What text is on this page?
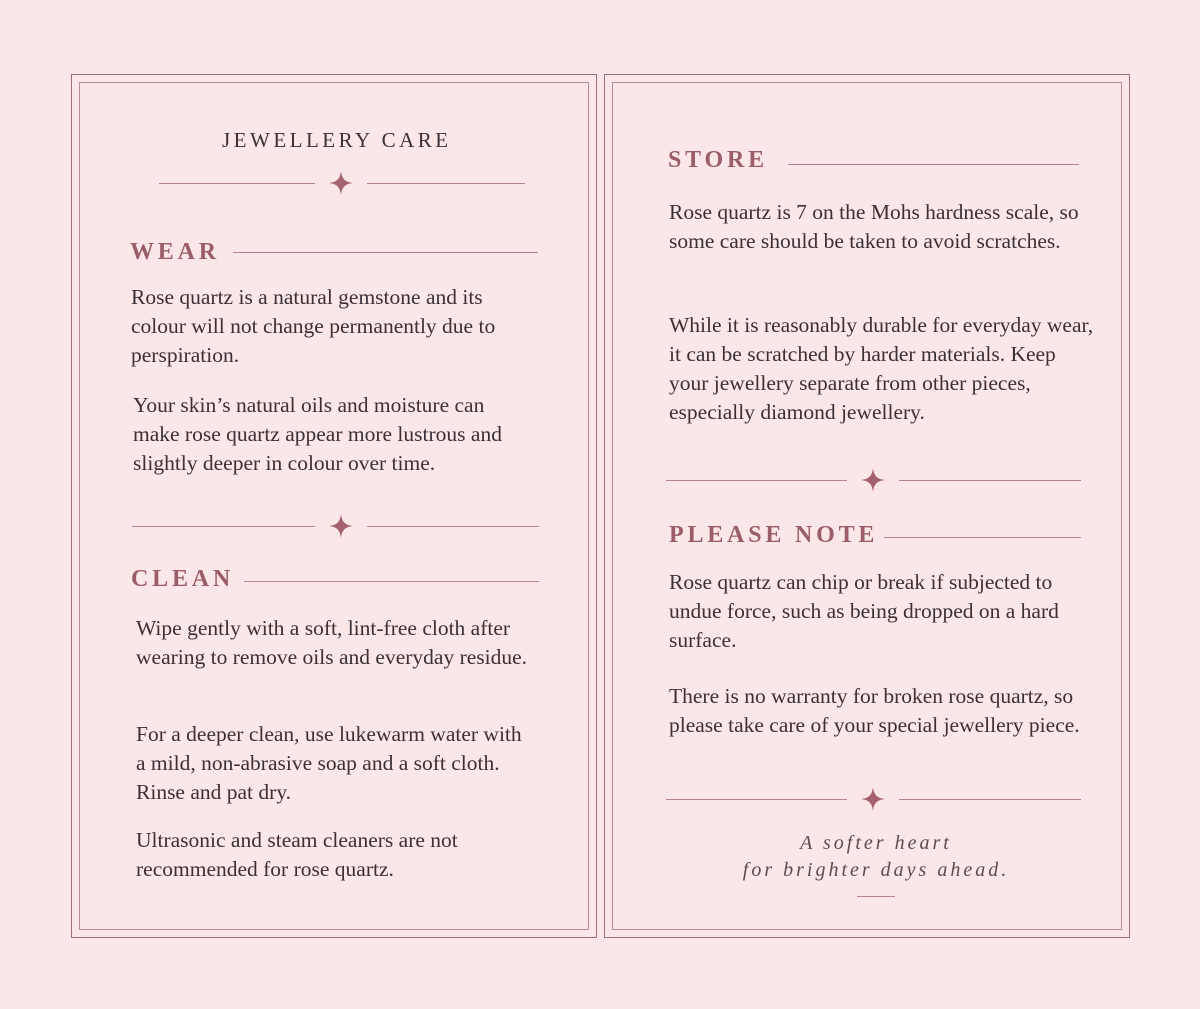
JEWELLERY CARE
WEAR

Rose quartz is a natural gemstone and its colour will not change permanently due to perspiration.

Your skin’s natural oils and moisture can make rose quartz appear more lustrous and slightly deeper in colour over time.

CLEAN

Wipe gently with a soft, lint-free cloth after wearing to remove oils and everyday residue.

For a deeper clean, use lukewarm water with a mild, non-abrasive soap and a soft cloth. Rinse and pat dry.

Ultrasonic and steam cleaners are not recommended for rose quartz.

STORE

Rose quartz is 7 on the Mohs hardness scale, so some care should be taken to avoid scratches.

While it is reasonably durable for everyday wear, it can be scratched by harder materials. Keep your jewellery separate from other pieces, especially diamond jewellery.

PLEASE NOTE

Rose quartz can chip or break if subjected to undue force, such as being dropped on a hard surface.

There is no warranty for broken rose quartz, so please take care of your special jewellery piece.

A softer heart
for brighter days ahead.
